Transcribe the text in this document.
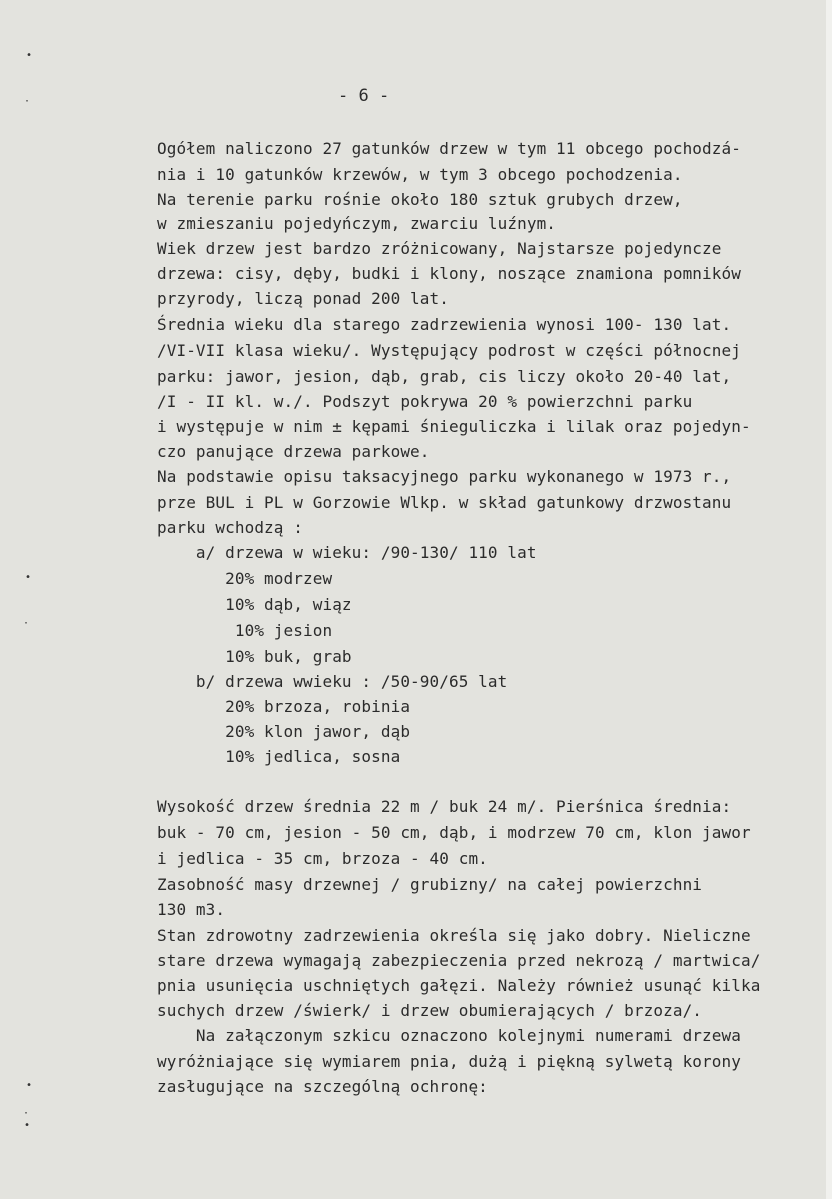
•
·
•
·
•
·
•
- 6 -
Ogółem naliczono 27 gatunków drzew w tym 11 obcego pochodzá-
nia i 10 gatunków krzewów, w tym 3 obcego pochodzenia.
Na terenie parku rośnie około 180 sztuk grubych drzew,
w zmieszaniu pojedyńczym, zwarciu luźnym.
Wiek drzew jest bardzo zróżnicowany, Najstarsze pojedyncze
drzewa: cisy, dęby, budki i klony, noszące znamiona pomników
przyrody, liczą ponad 200 lat.
Średnia wieku dla starego zadrzewienia wynosi 100- 130 lat.
/VI-VII klasa wieku/. Występujący podrost w części północnej
parku: jawor, jesion, dąb, grab, cis liczy około 20-40 lat,
/I - II kl. w./. Podszyt pokrywa 20 % powierzchni parku
i występuje w nim ± kępami śnieguliczka i lilak oraz pojedyn-
czo panujące drzewa parkowe.
Na podstawie opisu taksacyjnego parku wykonanego w 1973 r.,
prze BUL i PL w Gorzowie Wlkp. w skład gatunkowy drzwostanu
parku wchodzą :
a/ drzewa w wieku: /90-130/ 110 lat
20% modrzew
10% dąb, wiąz
10% jesion
10% buk, grab
b/ drzewa wwieku : /50-90/65 lat
20% brzoza, robinia
20% klon jawor, dąb
10% jedlica, sosna
Wysokość drzew średnia 22 m / buk 24 m/. Pierśnica średnia:
buk - 70 cm, jesion - 50 cm, dąb, i modrzew 70 cm, klon jawor
i jedlica - 35 cm, brzoza - 40 cm.
Zasobność masy drzewnej / grubizny/ na całej powierzchni
130 m3.
Stan zdrowotny zadrzewienia określa się jako dobry. Nieliczne
stare drzewa wymagają zabezpieczenia przed nekrozą / martwica/
pnia usunięcia uschniętych gałęzi. Należy również usunąć kilka
suchych drzew /świerk/ i drzew obumierających / brzoza/.
Na załączonym szkicu oznaczono kolejnymi numerami drzewa
wyróżniające się wymiarem pnia, dużą i piękną sylwetą korony
zasługujące na szczególną ochronę:
